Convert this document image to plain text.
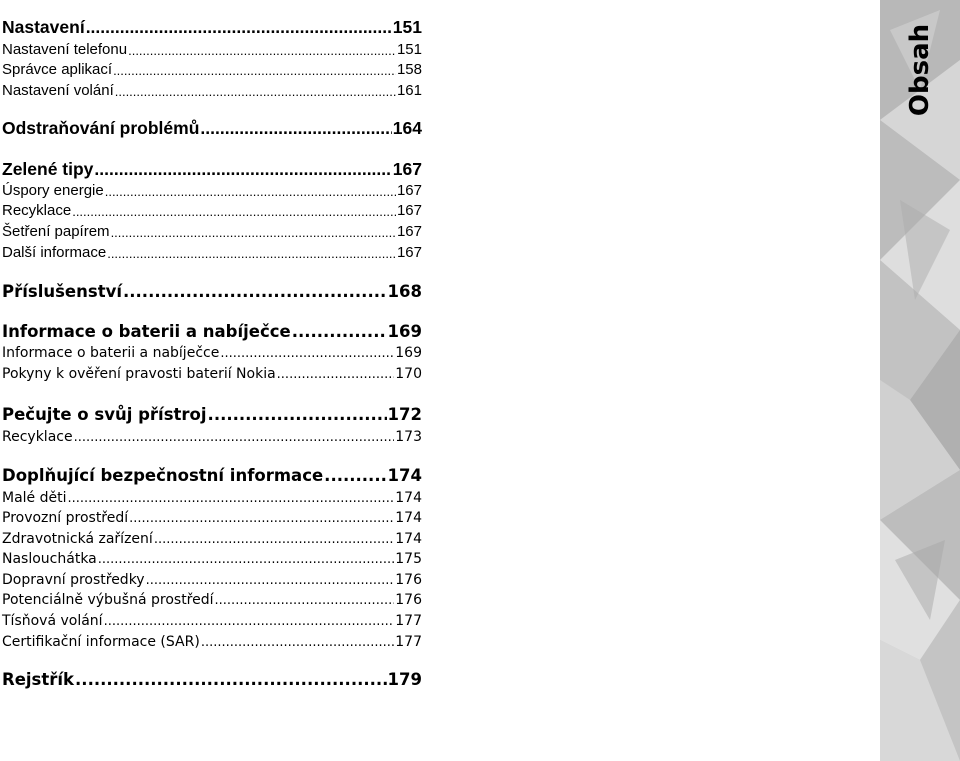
Nastavení .....	151
Nastavení telefonu .....	151
Správce aplikací .....	158
Nastavení volání .....	161
Odstraňování problémů .....	164
Zelené tipy .....	167
Úspory energie .....	167
Recyklace .....	167
Šetření papírem .....	167
Další informace .....	167
Příslušenství .....	168
Informace o baterii a nabíječce .....	169
Informace o baterii a nabíječce .....	169
Pokyny k ověření pravosti baterií Nokia .....	170
Pečujte o svůj přístroj .....	172
Recyklace .....	173
Doplňující bezpečnostní informace .....	174
Malé děti .....	174
Provozní prostředí .....	174
Zdravotnická zařízení .....	174
Naslouchátka .....	175
Dopravní prostředky .....	176
Potenciálně výbušná prostředí .....	176
Tísňová volání .....	177
Certifikační informace (SAR) .....	177
Rejstřík .....	179
Obsah
